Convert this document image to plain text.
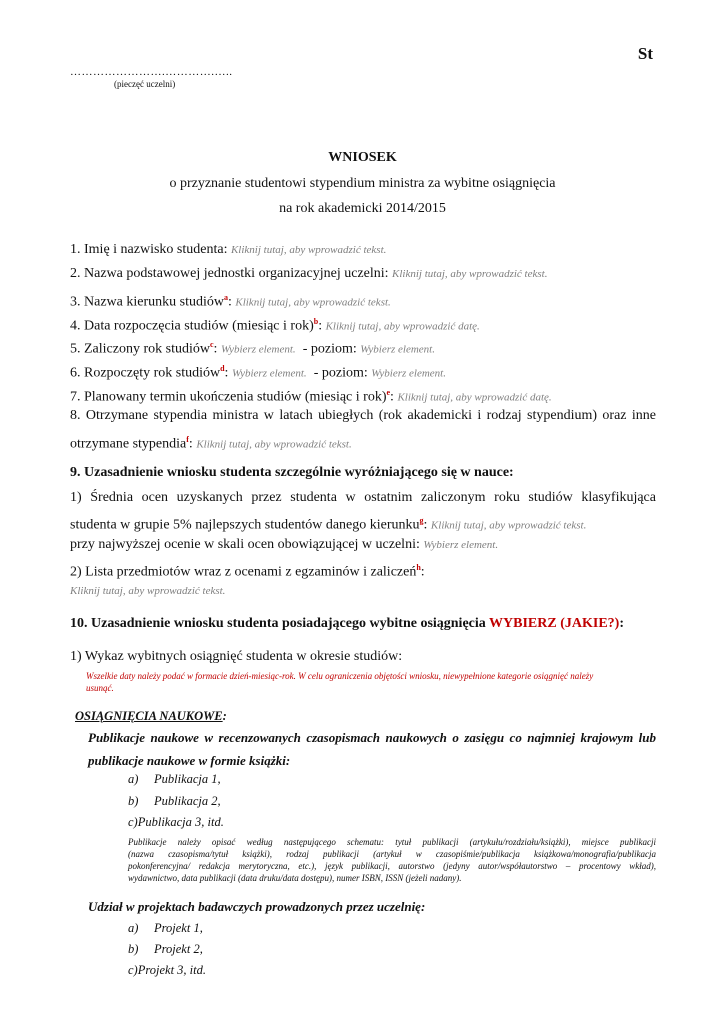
St
…………………….………….…..
(pieczęć uczelni)
WNIOSEK
o przyznanie studentowi stypendium ministra za wybitne osiągnięcia
na rok akademicki 2014/2015
1. Imię i nazwisko studenta: Kliknij tutaj, aby wprowadzić tekst.
2. Nazwa podstawowej jednostki organizacyjnej uczelni: Kliknij tutaj, aby wprowadzić tekst.
3. Nazwa kierunku studiów$^a$: Kliknij tutaj, aby wprowadzić tekst.
4. Data rozpoczęcia studiów (miesiąc i rok)$^b$: Kliknij tutaj, aby wprowadzić datę.
5. Zaliczony rok studiów$^c$: Wybierz element. - poziom: Wybierz element.
6. Rozpoczęty rok studiów$^d$: Wybierz element. - poziom: Wybierz element.
7. Planowany termin ukończenia studiów (miesiąc i rok)$^e$: Kliknij tutaj, aby wprowadzić datę.
8. Otrzymane stypendia ministra w latach ubiegłych (rok akademicki i rodzaj stypendium) oraz inne
otrzymane stypendia$^f$: Kliknij tutaj, aby wprowadzić tekst.
9. Uzasadnienie wniosku studenta szczególnie wyróżniającego się w nauce:
1) Średnia ocen uzyskanych przez studenta w ostatnim zaliczonym roku studiów klasyfikująca
studenta w grupie 5% najlepszych studentów danego kierunku$^g$: Kliknij tutaj, aby wprowadzić tekst.
przy najwyższej ocenie w skali ocen obowiązującej w uczelni: Wybierz element.
2) Lista przedmiotów wraz z ocenami z egzaminów i zaliczeń$^h$:
Kliknij tutaj, aby wprowadzić tekst.
10. Uzasadnienie wniosku studenta posiadającego wybitne osiągnięcia WYBIERZ (JAKIE?):
1) Wykaz wybitnych osiągnięć studenta w okresie studiów:
Wszelkie daty należy podać w formacie dzień-miesiąc-rok. W celu ograniczenia objętości wniosku, niewypełnione kategorie osiągnięć należy
usunąć.
OSIĄGNIĘCIA NAUKOWE:
Publikacje naukowe w recenzowanych czasopismach naukowych o zasięgu co najmniej krajowym lub
publikacje naukowe w formie książki:
a) Publikacja 1,
b) Publikacja 2,
c)Publikacja 3, itd.
Publikacje należy opisać według następującego schematu: tytuł publikacji (artykułu/rozdziału/książki), miejsce publikacji
(nazwa czasopisma/tytuł książki), rodzaj publikacji (artykuł w czasopiśmie/publikacja książkowa/monografia/publikacja
pokonferencyjna/ redakcja merytoryczna, etc.), język publikacji, autorstwo (jedyny autor/współautorstwo – procentowy wkład),
wydawnictwo, data publikacji (data druku/data dostępu), numer ISBN, ISSN (jeżeli nadany).
Udział w projektach badawczych prowadzonych przez uczelnię:
a) Projekt 1,
b) Projekt 2,
c)Projekt 3, itd.
